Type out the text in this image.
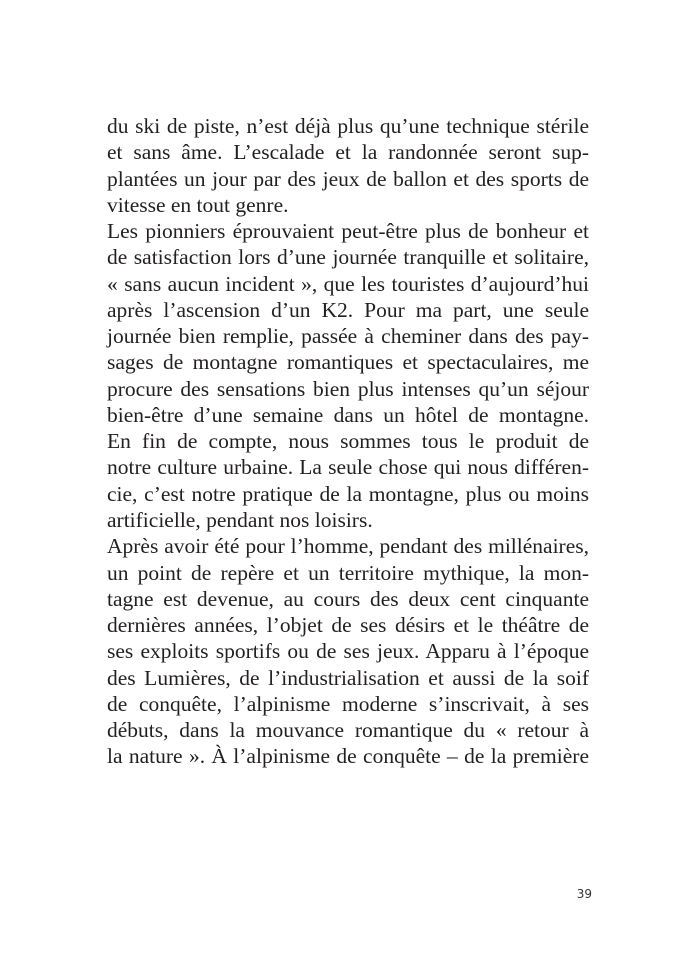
du ski de piste, n’est déjà plus qu’une technique stérile
et sans âme. L’escalade et la randonnée seront sup-
plantées un jour par des jeux de ballon et des sports de
vitesse en tout genre.
Les pionniers éprouvaient peut-être plus de bonheur et
de satisfaction lors d’une journée tranquille et solitaire,
« sans aucun incident », que les touristes d’aujourd’hui
après l’ascension d’un K2. Pour ma part, une seule
journée bien remplie, passée à cheminer dans des pay-
sages de montagne romantiques et spectaculaires, me
procure des sensations bien plus intenses qu’un séjour
bien-être d’une semaine dans un hôtel de montagne.
En fin de compte, nous sommes tous le produit de
notre culture urbaine. La seule chose qui nous différen-
cie, c’est notre pratique de la montagne, plus ou moins
artificielle, pendant nos loisirs.
Après avoir été pour l’homme, pendant des millénaires,
un point de repère et un territoire mythique, la mon-
tagne est devenue, au cours des deux cent cinquante
dernières années, l’objet de ses désirs et le théâtre de
ses exploits sportifs ou de ses jeux. Apparu à l’époque
des Lumières, de l’industrialisation et aussi de la soif
de conquête, l’alpinisme moderne s’inscrivait, à ses
débuts, dans la mouvance romantique du « retour à
la nature ». À l’alpinisme de conquête – de la première
39
